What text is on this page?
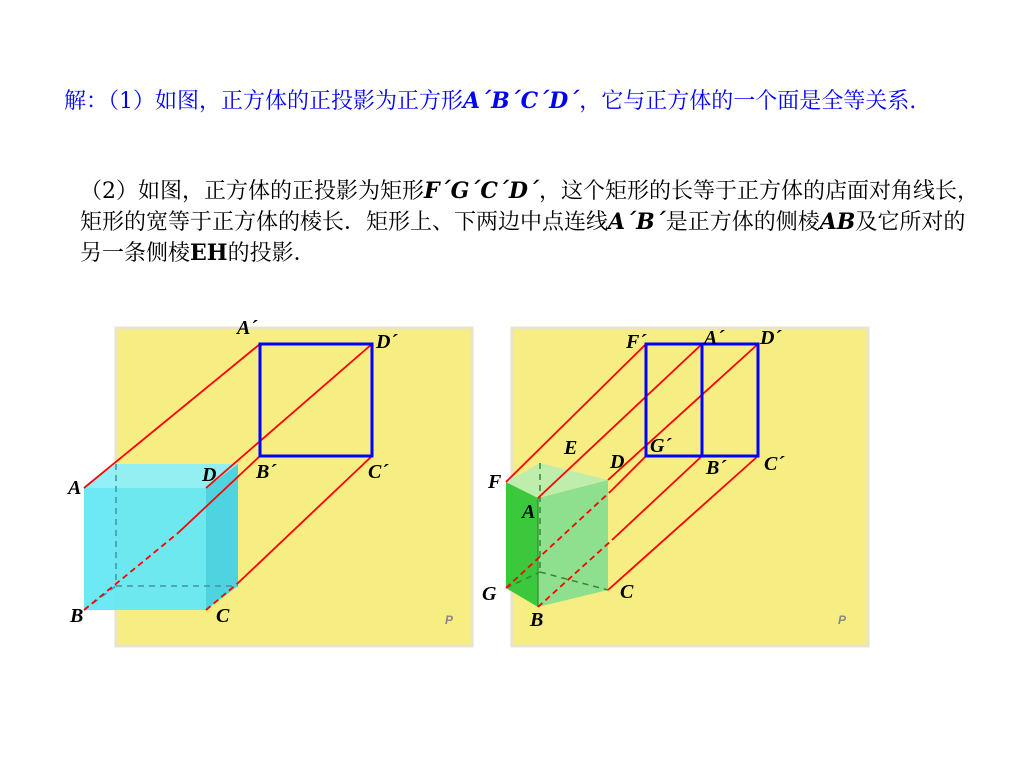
解：（1）如图，正方体的正投影为正方形A´B´C´D´，它与正方体的一个面是全等关系.

（2）如图，正方体的正投影为矩形F´G´C´D´，这个矩形的长等于正方体的店面对角线长，矩形的宽等于正方体的棱长．矩形上、下两边中点连线A´B´是正方体的侧棱AB及它所对的另一条侧棱EH的投影．

A´
D´
B´	C´
A
D
B	C	P
F´	A´ D´
G´
B´ C´
E
D
F
A
G	C
B	P
